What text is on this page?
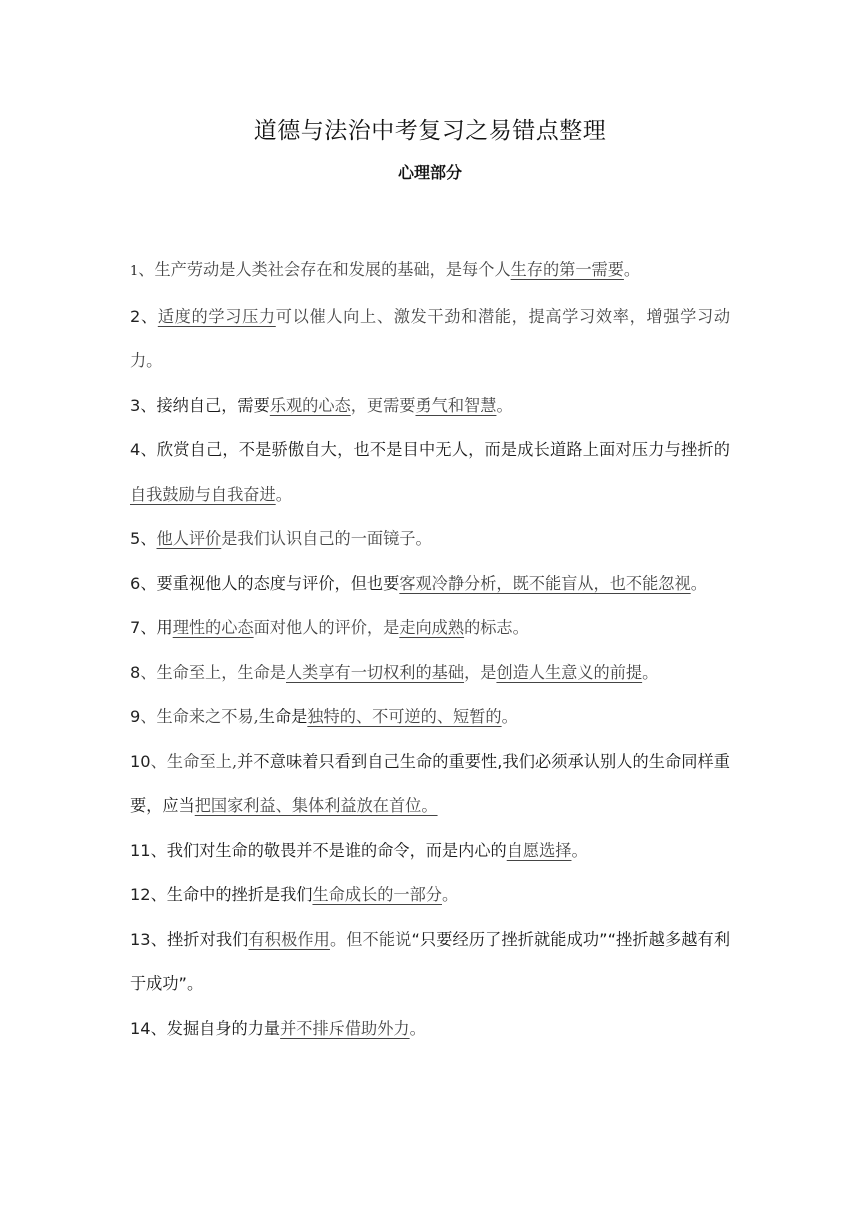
道德与法治中考复习之易错点整理
心理部分

1、生产劳动是人类社会存在和发展的基础，是每个人生存的第一需要。

2、适度的学习压力可以催人向上、激发干劲和潜能，提高学习效率，增强学习动力。

3、接纳自己，需要乐观的心态，更需要勇气和智慧。

4、欣赏自己，不是骄傲自大，也不是目中无人，而是成长道路上面对压力与挫折的自我鼓励与自我奋进。

5、他人评价是我们认识自己的一面镜子。

6、要重视他人的态度与评价，但也要客观冷静分析，既不能盲从，也不能忽视。

7、用理性的心态面对他人的评价，是走向成熟的标志。

8、生命至上，生命是人类享有一切权利的基础，是创造人生意义的前提。

9、生命来之不易,生命是独特的、不可逆的、短暂的。

10、生命至上,并不意味着只看到自己生命的重要性,我们必须承认别人的生命同样重要，应当把国家利益、集体利益放在首位。

11、我们对生命的敬畏并不是谁的命令，而是内心的自愿选择。

12、生命中的挫折是我们生命成长的一部分。

13、挫折对我们有积极作用。但不能说“只要经历了挫折就能成功”“挫折越多越有利于成功”。

14、发掘自身的力量并不排斥借助外力。
